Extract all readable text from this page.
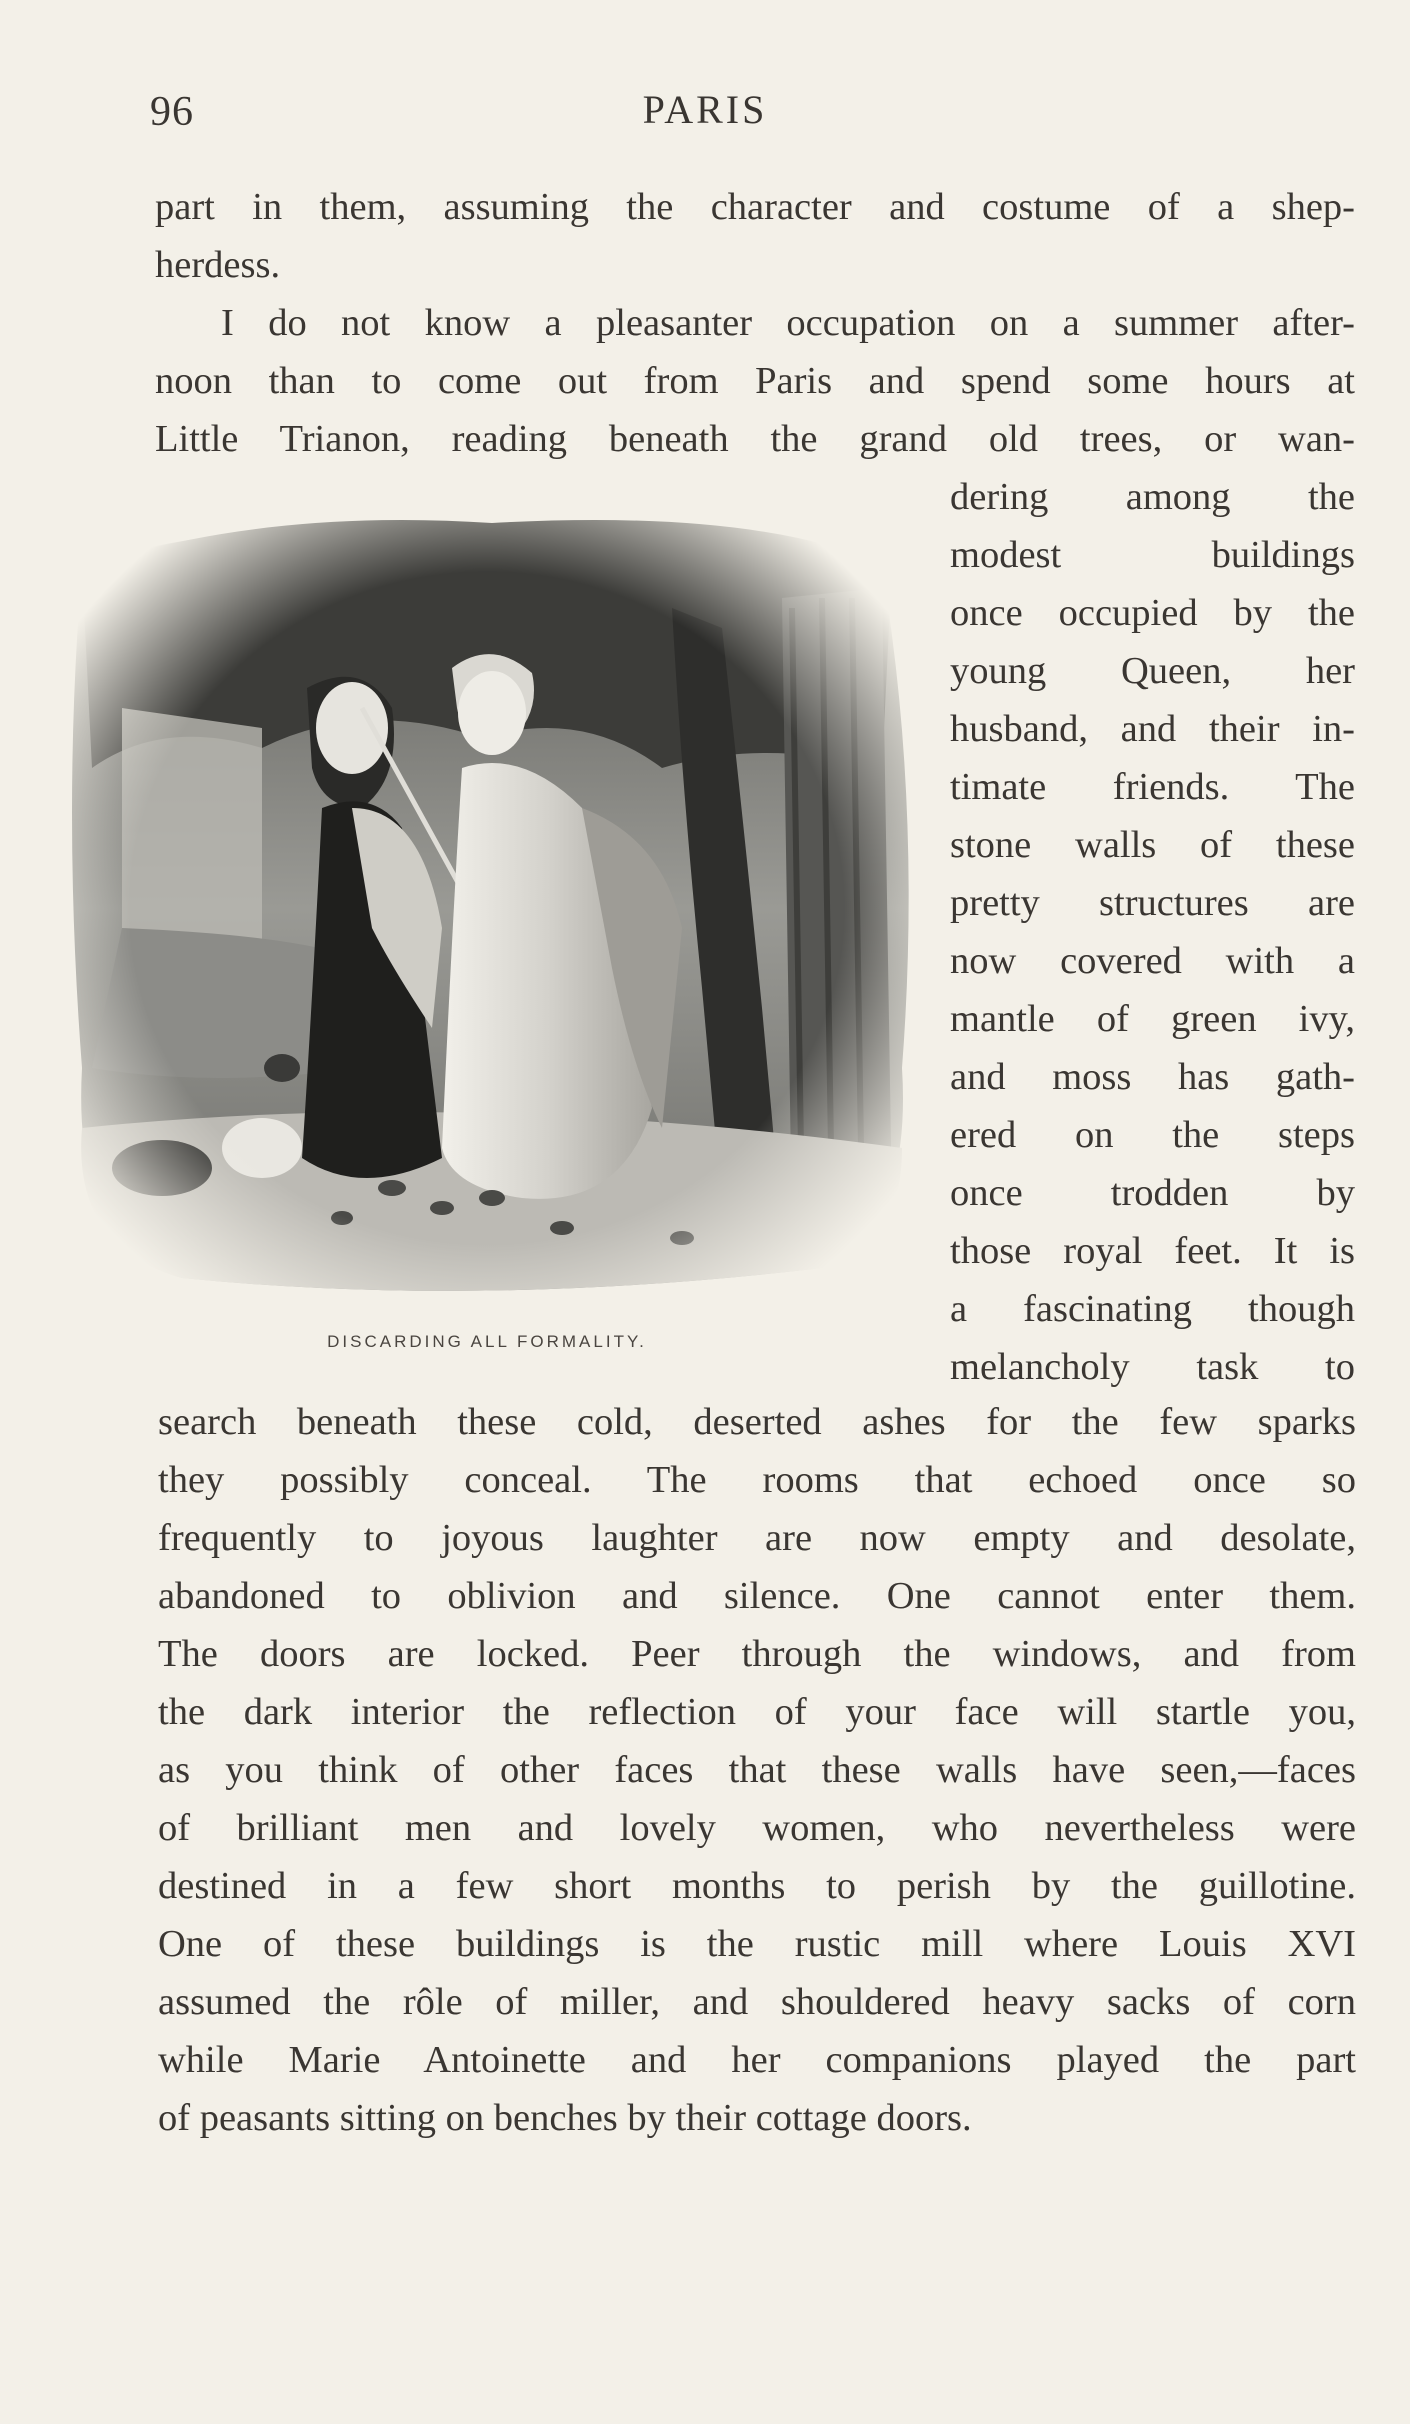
96	PARIS
part in them, assuming the character and costume of a shep-
herdess.
I do not know a pleasanter occupation on a summer after-
noon than to come out from Paris and spend some hours at
Little Trianon, reading beneath the grand old trees, or wan-
DISCARDING ALL FORMALITY.
dering among the
modest buildings
once occupied by the
young Queen, her
husband, and their in-
timate friends. The
stone walls of these
pretty structures are
now covered with a
mantle of green ivy,
and moss has gath-
ered on the steps
once trodden by
those royal feet. It is
a fascinating though
melancholy task to
search beneath these cold, deserted ashes for the few sparks
they possibly conceal. The rooms that echoed once so
frequently to joyous laughter are now empty and desolate,
abandoned to oblivion and silence. One cannot enter them.
The doors are locked. Peer through the windows, and from
the dark interior the reflection of your face will startle you,
as you think of other faces that these walls have seen,—faces
of brilliant men and lovely women, who nevertheless were
destined in a few short months to perish by the guillotine.
One of these buildings is the rustic mill where Louis XVI
assumed the rôle of miller, and shouldered heavy sacks of corn
while Marie Antoinette and her companions played the part
of peasants sitting on benches by their cottage doors.
